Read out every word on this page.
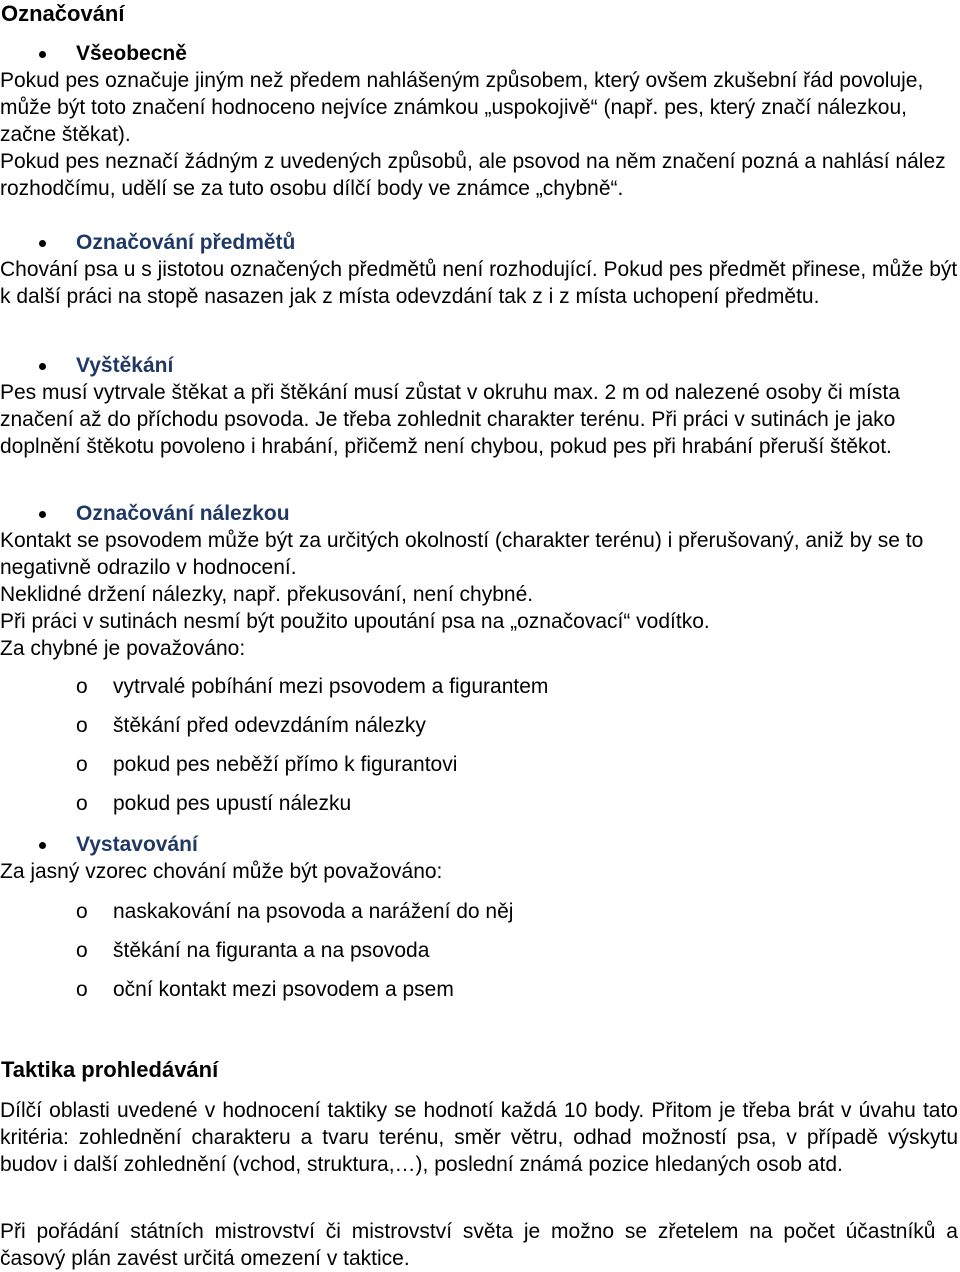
Označování
Všeobecně

Pokud pes označuje jiným než předem nahlášeným způsobem, který ovšem zkušební řád povoluje, může být toto značení hodnoceno nejvíce známkou „uspokojivě“ (např. pes, který značí nálezkou, začne štěkat).

Pokud pes neznačí žádným z uvedených způsobů, ale psovod na něm značení pozná a nahlásí nález rozhodčímu, udělí se za tuto osobu dílčí body ve známce „chybně“.

Označování předmětů

Chování psa u s jistotou označených předmětů není rozhodující. Pokud pes předmět přinese, může být k další práci na stopě nasazen jak z místa odevzdání tak z i z místa uchopení předmětu.

Vyštěkání

Pes musí vytrvale štěkat a při štěkání musí zůstat v okruhu max. 2 m od nalezené osoby či místa značení až do příchodu psovoda. Je třeba zohlednit charakter terénu. Při práci v sutinách je jako doplnění štěkotu povoleno i hrabání, přičemž není chybou, pokud pes při hrabání přeruší štěkot.

Označování nálezkou

Kontakt se psovodem může být za určitých okolností (charakter terénu) i přerušovaný, aniž by se to negativně odrazilo v hodnocení.

Neklidné držení nálezky, např. překusování, není chybné.

Při práci v sutinách nesmí být použito upoutání psa na „označovací“ vodítko.

Za chybné je považováno:

o vytrvalé pobíhání mezi psovodem a figurantem
o štěkání před odevzdáním nálezky
o pokud pes neběží přímo k figurantovi
o pokud pes upustí nálezku
Vystavování

Za jasný vzorec chování může být považováno:

o naskakování na psovoda a narážení do něj
o štěkání na figuranta a na psovoda
o oční kontakt mezi psovodem a psem
Taktika prohledávání

Dílčí oblasti uvedené v hodnocení taktiky se hodnotí každá 10 body. Přitom je třeba brát v úvahu tato kritéria: zohlednění charakteru a tvaru terénu, směr větru, odhad možností psa, v případě výskytu budov i další zohlednění (vchod, struktura,…), poslední známá pozice hledaných osob atd.

Při pořádání státních mistrovství či mistrovství světa je možno se zřetelem na počet účastníků a časový plán zavést určitá omezení v taktice.
